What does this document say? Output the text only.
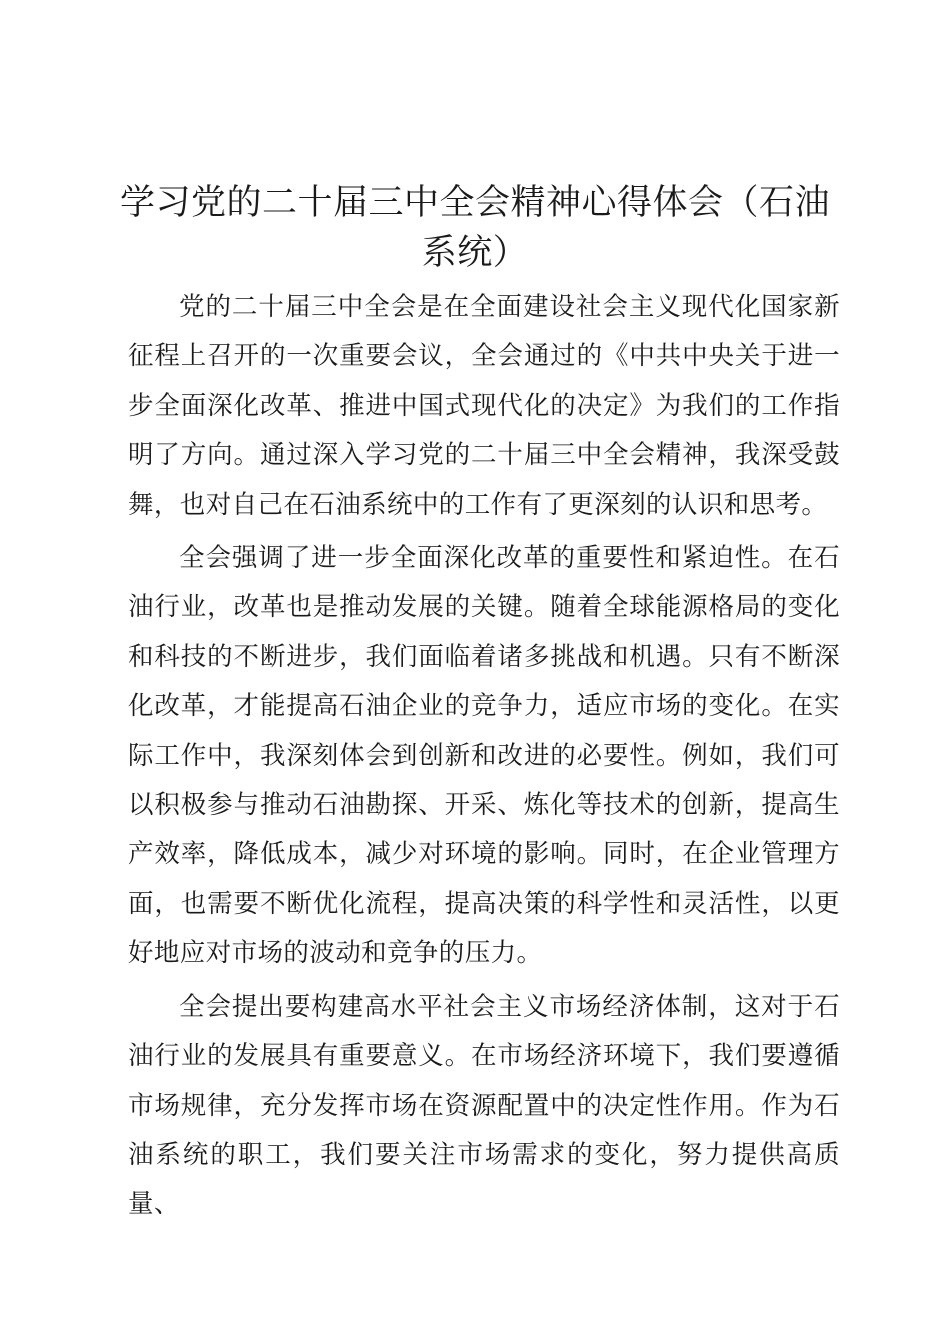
学习党的二十届三中全会精神心得体会（石油系统）

党的二十届三中全会是在全面建设社会主义现代化国家新征程上召开的一次重要会议，全会通过的《中共中央关于进一步全面深化改革、推进中国式现代化的决定》为我们的工作指明了方向。通过深入学习党的二十届三中全会精神，我深受鼓舞，也对自己在石油系统中的工作有了更深刻的认识和思考。

全会强调了进一步全面深化改革的重要性和紧迫性。在石油行业，改革也是推动发展的关键。随着全球能源格局的变化和科技的不断进步，我们面临着诸多挑战和机遇。只有不断深化改革，才能提高石油企业的竞争力，适应市场的变化。在实际工作中，我深刻体会到创新和改进的必要性。例如，我们可以积极参与推动石油勘探、开采、炼化等技术的创新，提高生产效率，降低成本，减少对环境的影响。同时，在企业管理方面，也需要不断优化流程，提高决策的科学性和灵活性，以更好地应对市场的波动和竞争的压力。

全会提出要构建高水平社会主义市场经济体制，这对于石油行业的发展具有重要意义。在市场经济环境下，我们要遵循市场规律，充分发挥市场在资源配置中的决定性作用。作为石油系统的职工，我们要关注市场需求的变化，努力提供高质量、
